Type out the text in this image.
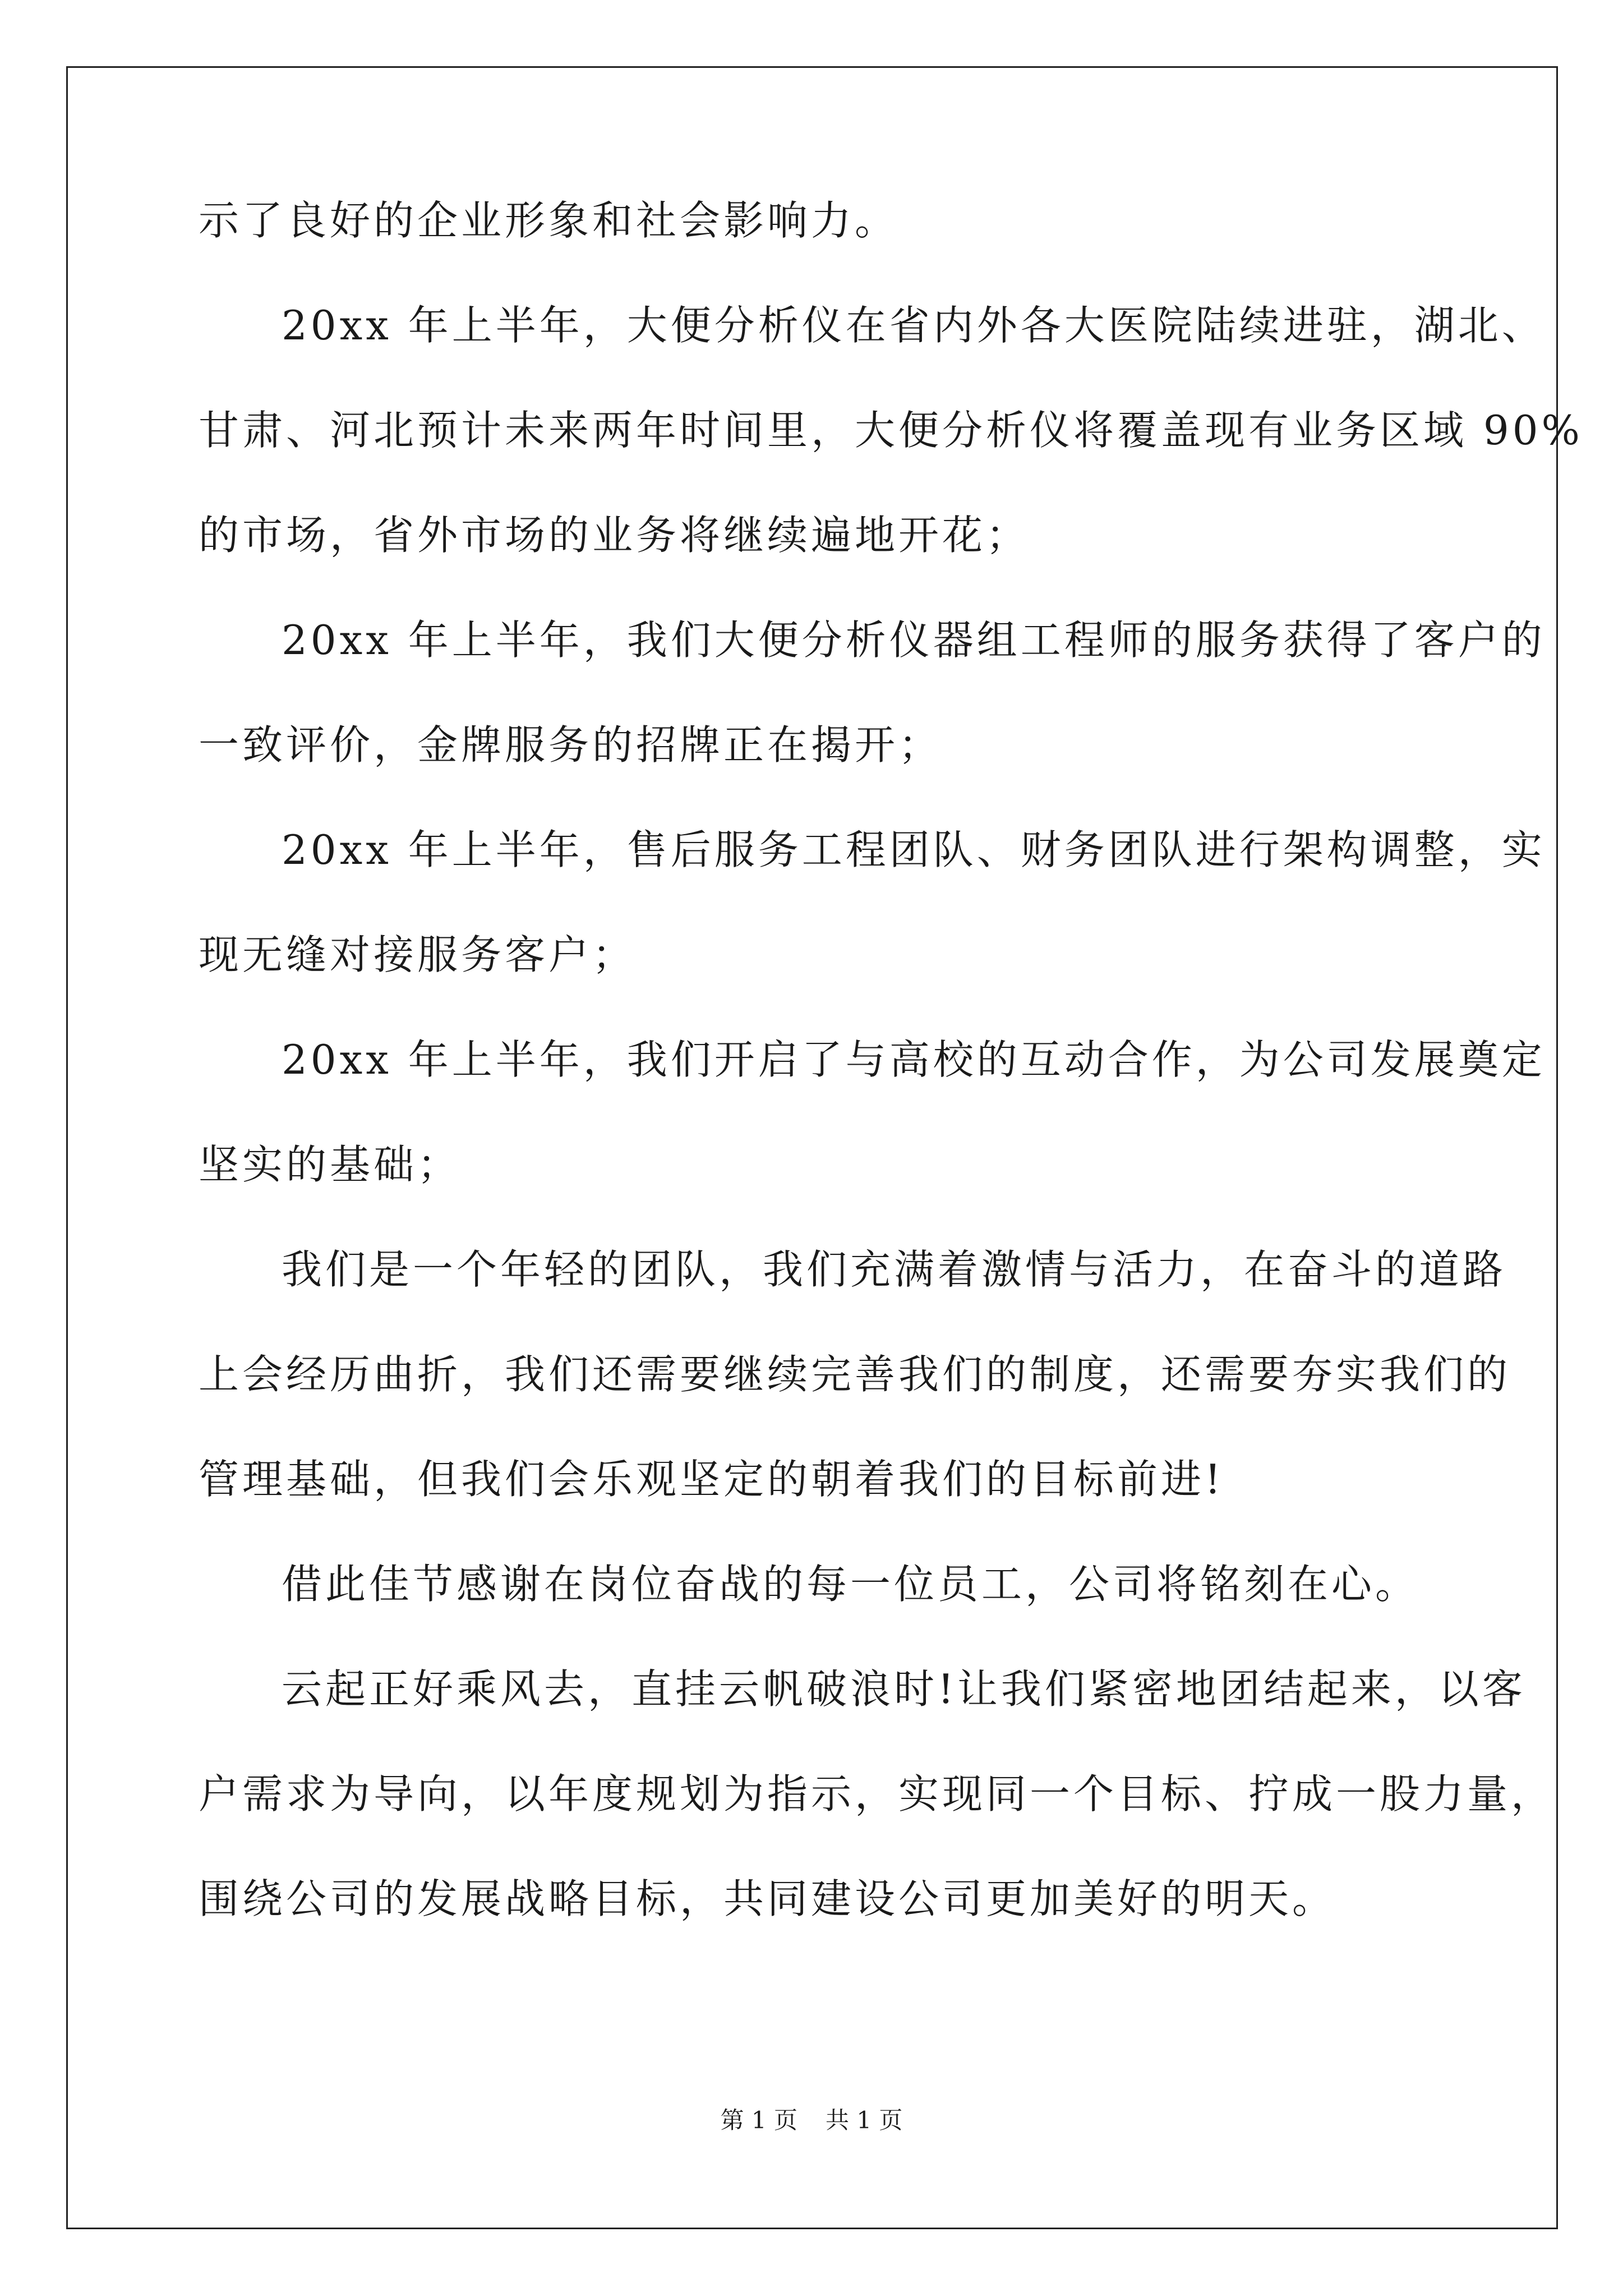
示了良好的企业形象和社会影响力。
20xx 年上半年，大便分析仪在省内外各大医院陆续进驻，湖北、
甘肃、河北预计未来两年时间里，大便分析仪将覆盖现有业务区域 90%
的市场，省外市场的业务将继续遍地开花；
20xx 年上半年，我们大便分析仪器组工程师的服务获得了客户的
一致评价，金牌服务的招牌正在揭开；
20xx 年上半年，售后服务工程团队、财务团队进行架构调整，实
现无缝对接服务客户；
20xx 年上半年，我们开启了与高校的互动合作，为公司发展奠定
坚实的基础；
我们是一个年轻的团队，我们充满着激情与活力，在奋斗的道路
上会经历曲折，我们还需要继续完善我们的制度，还需要夯实我们的
管理基础，但我们会乐观坚定的朝着我们的目标前进!
借此佳节感谢在岗位奋战的每一位员工，公司将铭刻在心。
云起正好乘风去，直挂云帆破浪时!让我们紧密地团结起来，以客
户需求为导向，以年度规划为指示，实现同一个目标、拧成一股力量，
围绕公司的发展战略目标，共同建设公司更加美好的明天。
第 1 页 共 1 页
